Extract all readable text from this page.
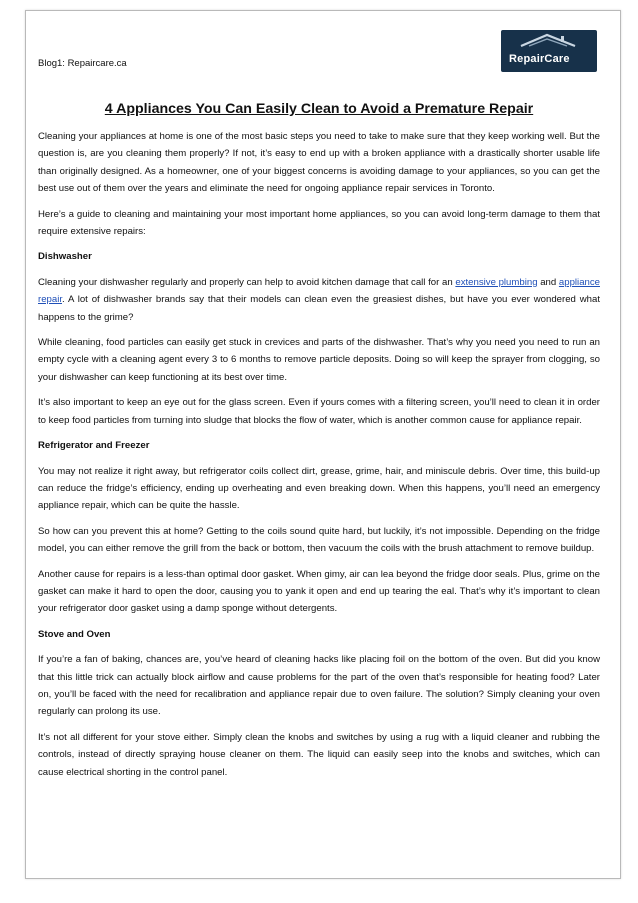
Blog1: Repaircare.ca	RepairCare
4 Appliances You Can Easily Clean to Avoid a Premature Repair

Cleaning your appliances at home is one of the most basic steps you need to take to make sure that they keep working well. But the question is, are you cleaning them properly? If not, it’s easy to end up with a broken appliance with a drastically shorter usable life than originally designed. As a homeowner, one of your biggest concerns is avoiding damage to your appliances, so you can get the best use out of them over the years and eliminate the need for ongoing appliance repair services in Toronto.

Here’s a guide to cleaning and maintaining your most important home appliances, so you can avoid long-term damage to them that require extensive repairs:

Dishwasher

Cleaning your dishwasher regularly and properly can help to avoid kitchen damage that call for an extensive plumbing and appliance repair. A lot of dishwasher brands say that their models can clean even the greasiest dishes, but have you ever wondered what happens to the grime?

While cleaning, food particles can easily get stuck in crevices and parts of the dishwasher. That’s why you need you need to run an empty cycle with a cleaning agent every 3 to 6 months to remove particle deposits. Doing so will keep the sprayer from clogging, so your dishwasher can keep functioning at its best over time.

It’s also important to keep an eye out for the glass screen. Even if yours comes with a filtering screen, you’ll need to clean it in order to keep food particles from turning into sludge that blocks the flow of water, which is another common cause for appliance repair.

Refrigerator and Freezer

You may not realize it right away, but refrigerator coils collect dirt, grease, grime, hair, and miniscule debris. Over time, this build-up can reduce the fridge’s efficiency, ending up overheating and even breaking down. When this happens, you’ll need an emergency appliance repair, which can be quite the hassle.

So how can you prevent this at home? Getting to the coils sound quite hard, but luckily, it’s not impossible. Depending on the fridge model, you can either remove the grill from the back or bottom, then vacuum the coils with the brush attachment to remove buildup.

Another cause for repairs is a less-than optimal door gasket. When gimy, air can lea beyond the fridge door seals. Plus, grime on the gasket can make it hard to open the door, causing you to yank it open and end up tearing the eal. That’s why it’s important to clean your refrigerator door gasket using a damp sponge without detergents.

Stove and Oven

If you’re a fan of baking, chances are, you’ve heard of cleaning hacks like placing foil on the bottom of the oven. But did you know that this little trick can actually block airflow and cause problems for the part of the oven that’s responsible for heating food? Later on, you’ll be faced with the need for recalibration and appliance repair due to oven failure. The solution? Simply cleaning your oven regularly can prolong its use.

It’s not all different for your stove either. Simply clean the knobs and switches by using a rug with a liquid cleaner and rubbing the controls, instead of directly spraying house cleaner on them. The liquid can easily seep into the knobs and switches, which can cause electrical shorting in the control panel.
